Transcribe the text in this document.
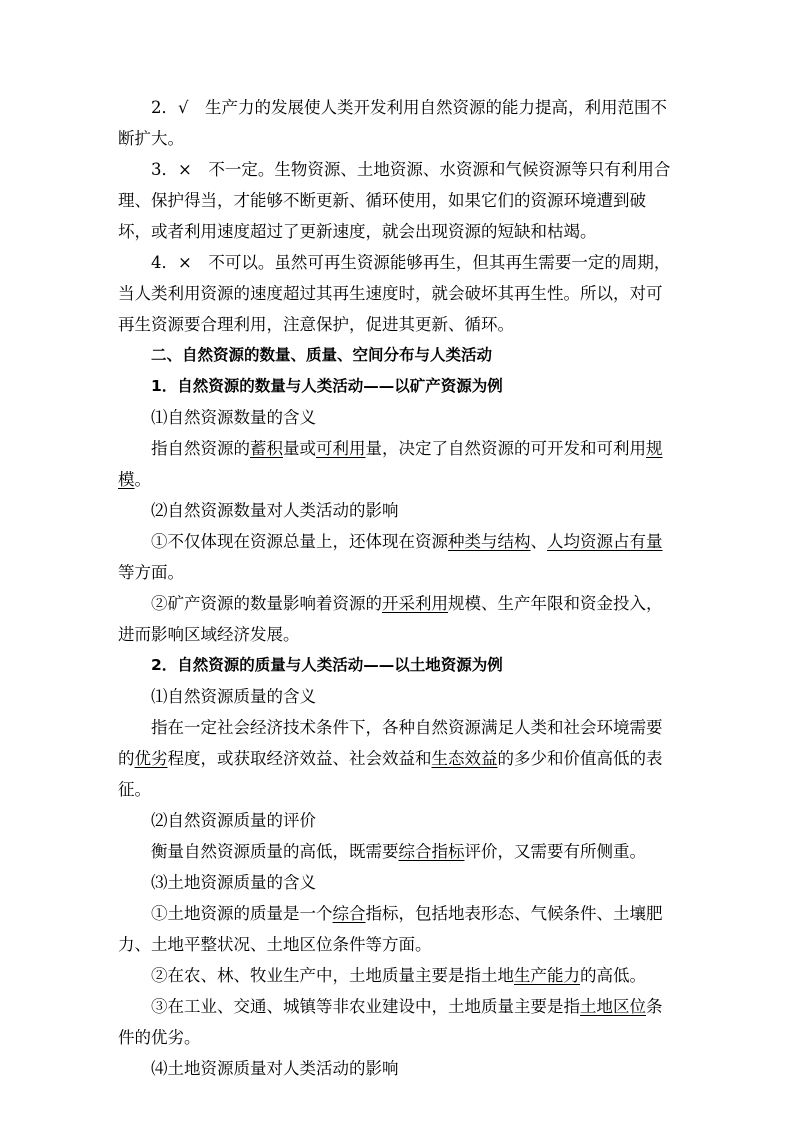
2．√　生产力的发展使人类开发利用自然资源的能力提高，利用范围不断扩大。

3．×　不一定。生物资源、土地资源、水资源和气候资源等只有利用合理、保护得当，才能够不断更新、循环使用，如果它们的资源环境遭到破坏，或者利用速度超过了更新速度，就会出现资源的短缺和枯竭。

4．×　不可以。虽然可再生资源能够再生，但其再生需要一定的周期，当人类利用资源的速度超过其再生速度时，就会破坏其再生性。所以，对可再生资源要合理利用，注意保护，促进其更新、循环。

二、自然资源的数量、质量、空间分布与人类活动

1．自然资源的数量与人类活动——以矿产资源为例

⑴自然资源数量的含义

指自然资源的蓄积量或可利用量，决定了自然资源的可开发和可利用规模。

⑵自然资源数量对人类活动的影响

①不仅体现在资源总量上，还体现在资源种类与结构、人均资源占有量等方面。

②矿产资源的数量影响着资源的开采利用规模、生产年限和资金投入，进而影响区域经济发展。

2．自然资源的质量与人类活动——以土地资源为例

⑴自然资源质量的含义

指在一定社会经济技术条件下，各种自然资源满足人类和社会环境需要的优劣程度，或获取经济效益、社会效益和生态效益的多少和价值高低的表征。

⑵自然资源质量的评价

衡量自然资源质量的高低，既需要综合指标评价，又需要有所侧重。

⑶土地资源质量的含义

①土地资源的质量是一个综合指标，包括地表形态、气候条件、土壤肥力、土地平整状况、土地区位条件等方面。

②在农、林、牧业生产中，土地质量主要是指土地生产能力的高低。

③在工业、交通、城镇等非农业建设中，土地质量主要是指土地区位条件的优劣。

⑷土地资源质量对人类活动的影响
